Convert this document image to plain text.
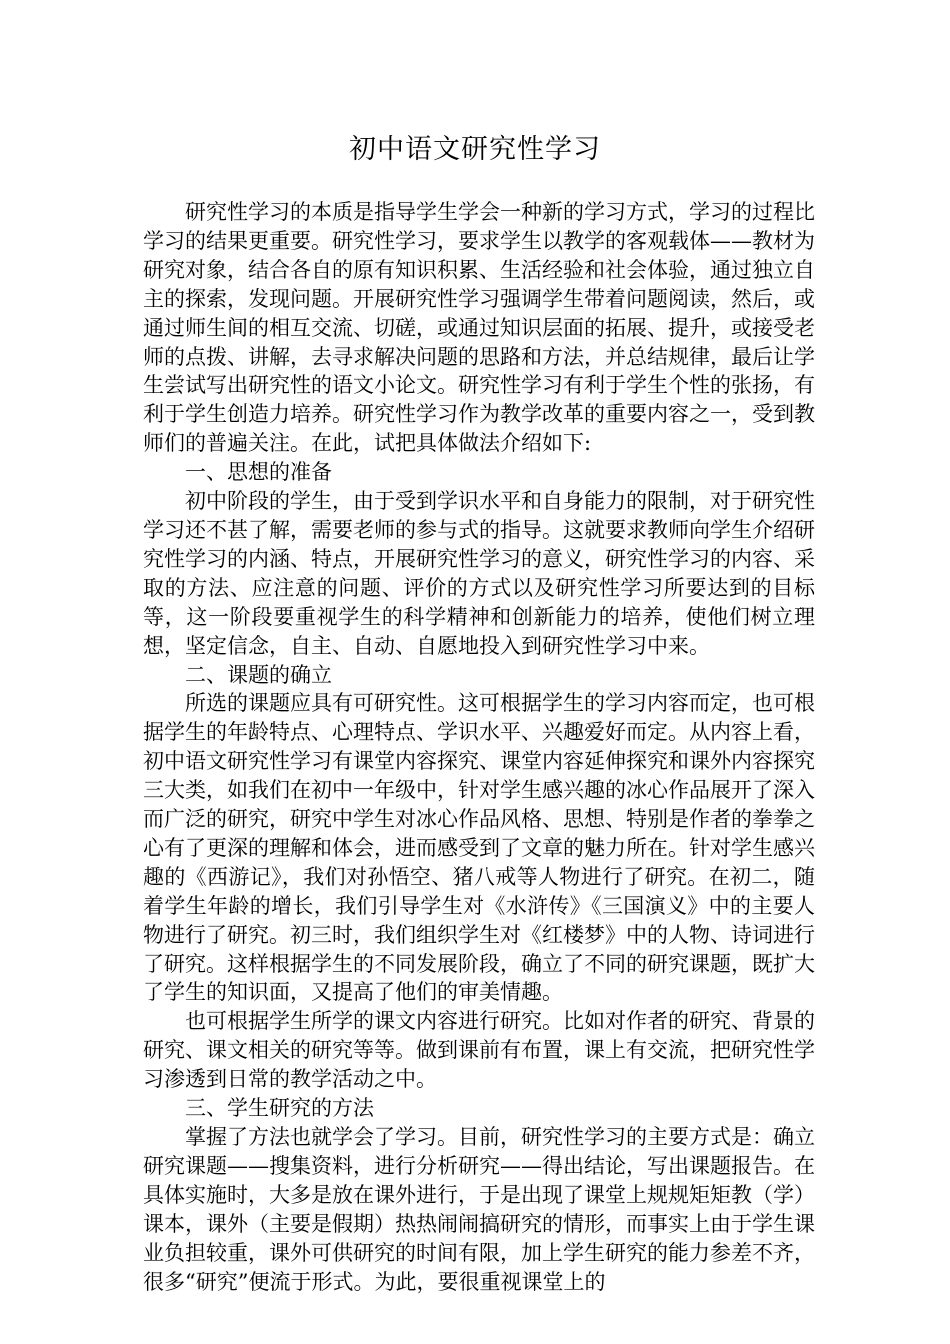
初中语文研究性学习

研究性学习的本质是指导学生学会一种新的学习方式，学习的过程比学习的结果更重要。研究性学习，要求学生以教学的客观载体——教材为研究对象，结合各自的原有知识积累、生活经验和社会体验，通过独立自主的探索，发现问题。开展研究性学习强调学生带着问题阅读，然后，或通过师生间的相互交流、切磋，或通过知识层面的拓展、提升，或接受老师的点拨、讲解，去寻求解决问题的思路和方法，并总结规律，最后让学生尝试写出研究性的语文小论文。研究性学习有利于学生个性的张扬，有利于学生创造力培养。研究性学习作为教学改革的重要内容之一，受到教师们的普遍关注。在此，试把具体做法介绍如下:

一、思想的准备

初中阶段的学生，由于受到学识水平和自身能力的限制，对于研究性学习还不甚了解，需要老师的参与式的指导。这就要求教师向学生介绍研究性学习的内涵、特点，开展研究性学习的意义，研究性学习的内容、采取的方法、应注意的问题、评价的方式以及研究性学习所要达到的目标等，这一阶段要重视学生的科学精神和创新能力的培养，使他们树立理想，坚定信念，自主、自动、自愿地投入到研究性学习中来。

二、课题的确立

所选的课题应具有可研究性。这可根据学生的学习内容而定，也可根据学生的年龄特点、心理特点、学识水平、兴趣爱好而定。从内容上看，初中语文研究性学习有课堂内容探究、课堂内容延伸探究和课外内容探究三大类，如我们在初中一年级中，针对学生感兴趣的冰心作品展开了深入而广泛的研究，研究中学生对冰心作品风格、思想、特别是作者的拳拳之心有了更深的理解和体会，进而感受到了文章的魅力所在。针对学生感兴趣的《西游记》，我们对孙悟空、猪八戒等人物进行了研究。在初二，随着学生年龄的增长，我们引导学生对《水浒传》《三国演义》中的主要人物进行了研究。初三时，我们组织学生对《红楼梦》中的人物、诗词进行了研究。这样根据学生的不同发展阶段，确立了不同的研究课题，既扩大了学生的知识面，又提高了他们的审美情趣。

也可根据学生所学的课文内容进行研究。比如对作者的研究、背景的研究、课文相关的研究等等。做到课前有布置，课上有交流，把研究性学习渗透到日常的教学活动之中。

三、学生研究的方法

掌握了方法也就学会了学习。目前，研究性学习的主要方式是：确立研究课题——搜集资料，进行分析研究——得出结论，写出课题报告。在具体实施时，大多是放在课外进行，于是出现了课堂上规规矩矩教（学）课本，课外（主要是假期）热热闹闹搞研究的情形，而事实上由于学生课业负担较重，课外可供研究的时间有限，加上学生研究的能力参差不齐，很多“研究”便流于形式。为此，要很重视课堂上的
